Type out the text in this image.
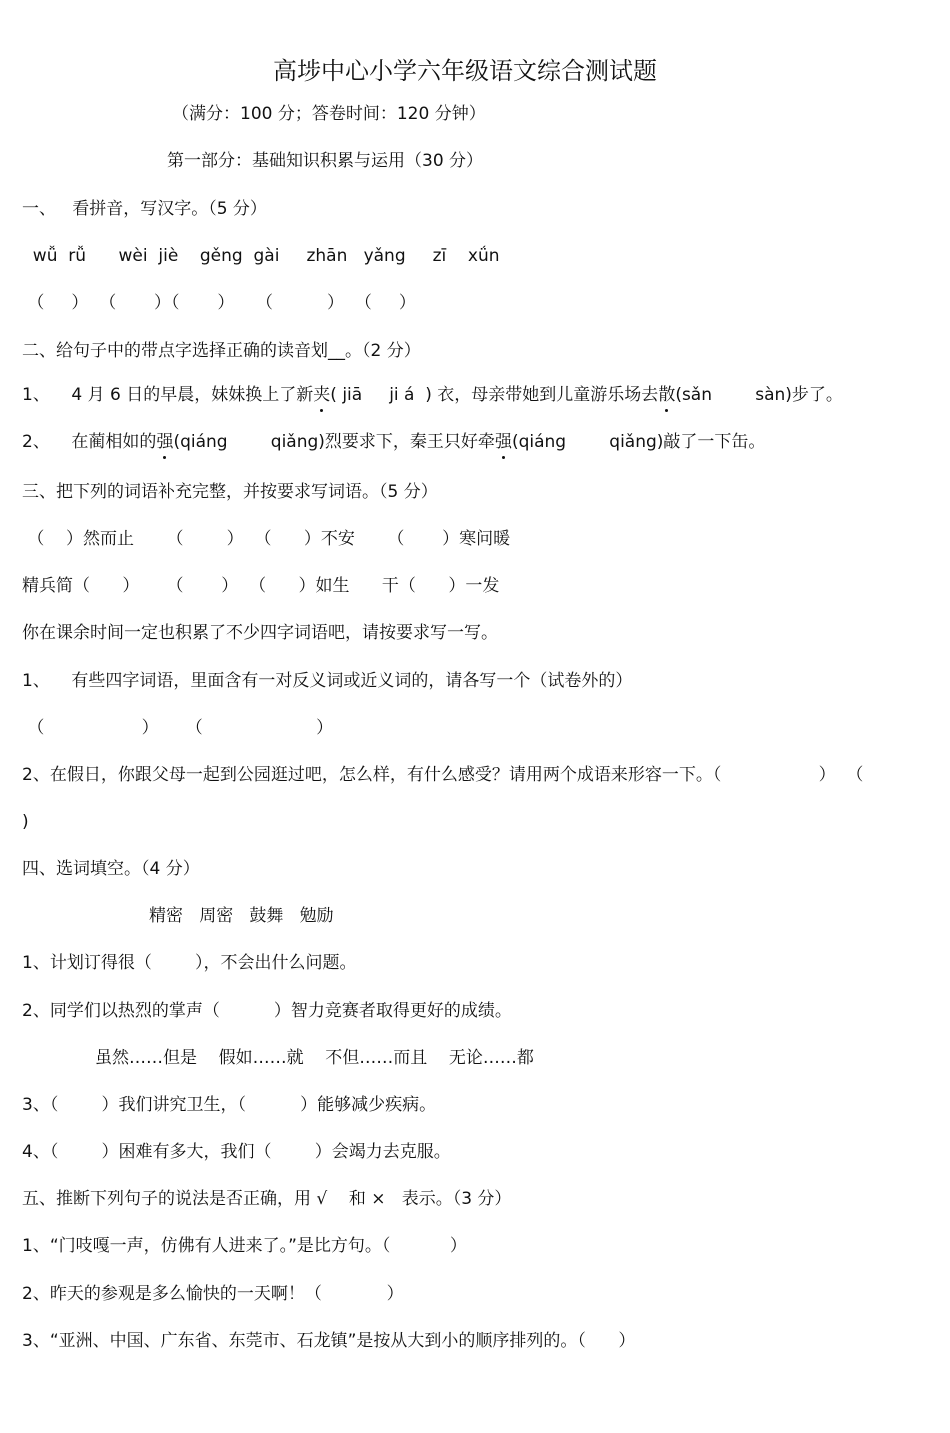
高埗中心小学六年级语文综合测试题
（满分：100 分；答卷时间：120 分钟）
第一部分：基础知识积累与运用（30 分）
一、   看拼音，写汉字。（5 分）
wǚ  rǚ      wèi  jiè    gěng  gài     zhān   yǎng     zī    xǘn
（     ）  （       ）（       ）    （          ）  （     ）
二、给句子中的带点字选择正确的读音划__。（2 分）
1、    4 月 6 日的早晨，妹妹换上了新夹( jiā     ji á  ) 衣，母亲带她到儿童游乐场去散(sǎn        sàn)步了。
2、    在蔺相如的强(qiáng        qiǎng)烈要求下，秦王只好牵强(qiáng        qiǎng)敲了一下缶。
三、把下列的词语补充完整，并按要求写词语。（5 分）
（    ）然而止      （        ）  （      ）不安      （       ）寒问暖
精兵简（      ）     （       ）  （      ）如生      干（      ）一发
你在课余时间一定也积累了不少四字词语吧，请按要求写一写。
1、    有些四字词语，里面含有一对反义词或近义词的，请各写一个（试卷外的）
（                  ）     （                     ）
2、在假日，你跟父母一起到公园逛过吧，怎么样，有什么感受？请用两个成语来形容一下。（                  ）  （
)
四、选词填空。（4 分）
精密   周密   鼓舞   勉励
1、计划订得很（        ），不会出什么问题。
2、同学们以热烈的掌声（          ）智力竞赛者取得更好的成绩。
虽然……但是    假如……就    不但……而且    无论……都
3、（        ）我们讲究卫生，（          ）能够减少疾病。
4、（        ）困难有多大，我们（        ）会竭力去克服。
五、推断下列句子的说法是否正确，用 √    和 ×   表示。（3 分）
1、“门吱嘎一声，仿佛有人进来了。”是比方句。（           ）
2、昨天的参观是多么愉快的一天啊！（            ）
3、“亚洲、中国、广东省、东莞市、石龙镇”是按从大到小的顺序排列的。（      ）
